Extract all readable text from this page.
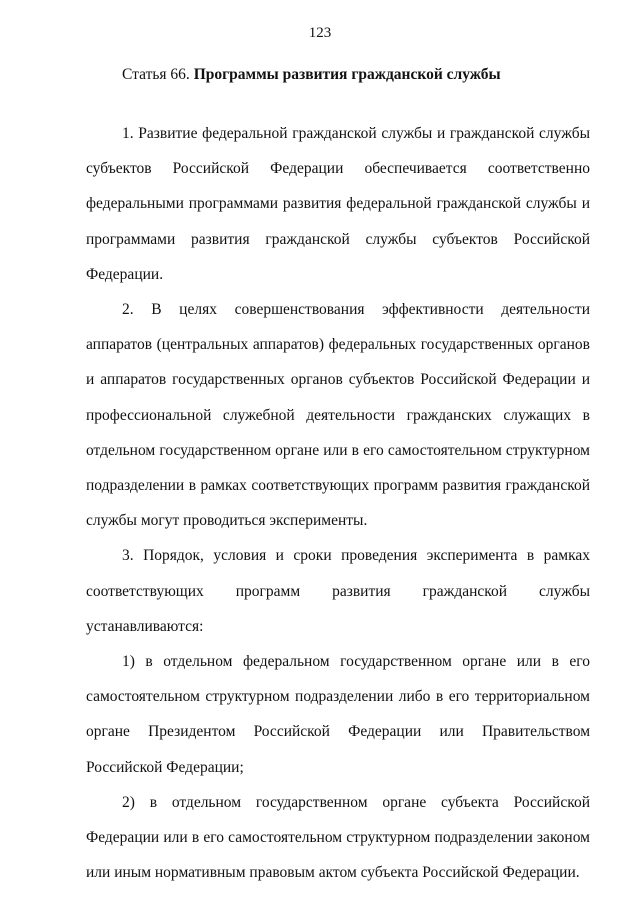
123
Статья 66. Программы развития гражданской службы

1. Развитие федеральной гражданской службы и гражданской службы субъектов Российской Федерации обеспечивается соответственно федеральными программами развития федеральной гражданской службы и программами развития гражданской службы субъектов Российской Федерации.

2. В целях совершенствования эффективности деятельности аппаратов (центральных аппаратов) федеральных государственных органов и аппаратов государственных органов субъектов Российской Федерации и профессиональной служебной деятельности гражданских служащих в отдельном государственном органе или в его самостоятельном структурном подразделении в рамках соответствующих программ развития гражданской службы могут проводиться эксперименты.

3. Порядок, условия и сроки проведения эксперимента в рамках соответствующих программ развития гражданской службы устанавливаются:

1) в отдельном федеральном государственном органе или в его самостоятельном структурном подразделении либо в его территориальном органе Президентом Российской Федерации или Правительством Российской Федерации;

2) в отдельном государственном органе субъекта Российской Федерации или в его самостоятельном структурном подразделении законом или иным нормативным правовым актом субъекта Российской Федерации.
